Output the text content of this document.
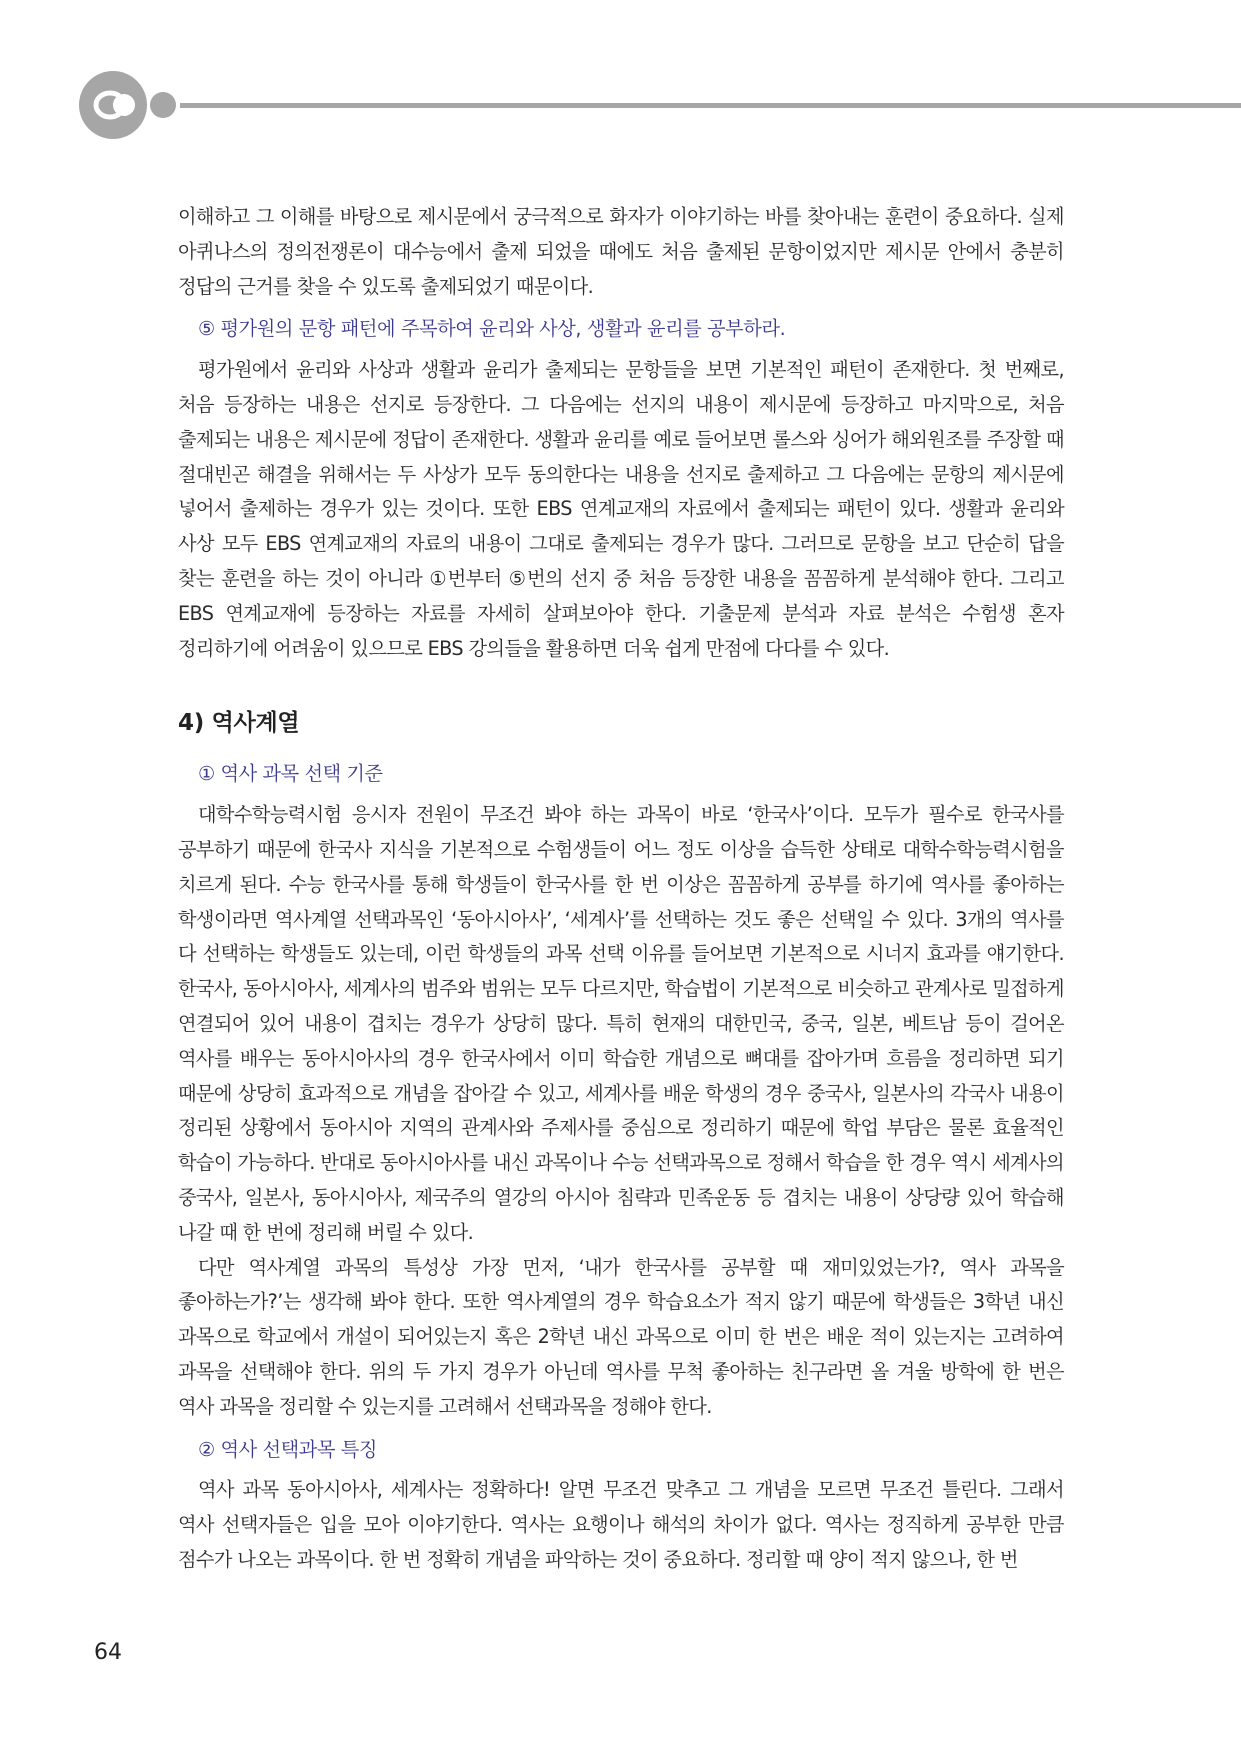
이해하고 그 이해를 바탕으로 제시문에서 궁극적으로 화자가 이야기하는 바를 찾아내는 훈련이 중요하다. 실제 아퀴나스의 정의전쟁론이 대수능에서 출제 되었을 때에도 처음 출제된 문항이었지만 제시문 안에서 충분히 정답의 근거를 찾을 수 있도록 출제되었기 때문이다.

⑤ 평가원의 문항 패턴에 주목하여 윤리와 사상, 생활과 윤리를 공부하라.

평가원에서 윤리와 사상과 생활과 윤리가 출제되는 문항들을 보면 기본적인 패턴이 존재한다. 첫 번째로, 처음 등장하는 내용은 선지로 등장한다. 그 다음에는 선지의 내용이 제시문에 등장하고 마지막으로, 처음 출제되는 내용은 제시문에 정답이 존재한다. 생활과 윤리를 예로 들어보면 롤스와 싱어가 해외원조를 주장할 때 절대빈곤 해결을 위해서는 두 사상가 모두 동의한다는 내용을 선지로 출제하고 그 다음에는 문항의 제시문에 넣어서 출제하는 경우가 있는 것이다. 또한 EBS 연계교재의 자료에서 출제되는 패턴이 있다. 생활과 윤리와 사상 모두 EBS 연계교재의 자료의 내용이 그대로 출제되는 경우가 많다. 그러므로 문항을 보고 단순히 답을 찾는 훈련을 하는 것이 아니라 ①번부터 ⑤번의 선지 중 처음 등장한 내용을 꼼꼼하게 분석해야 한다. 그리고 EBS 연계교재에 등장하는 자료를 자세히 살펴보아야 한다. 기출문제 분석과 자료 분석은 수험생 혼자 정리하기에 어려움이 있으므로 EBS 강의들을 활용하면 더욱 쉽게 만점에 다다를 수 있다.

4) 역사계열
① 역사 과목 선택 기준

대학수학능력시험 응시자 전원이 무조건 봐야 하는 과목이 바로 ‘한국사’이다. 모두가 필수로 한국사를 공부하기 때문에 한국사 지식을 기본적으로 수험생들이 어느 정도 이상을 습득한 상태로 대학수학능력시험을 치르게 된다. 수능 한국사를 통해 학생들이 한국사를 한 번 이상은 꼼꼼하게 공부를 하기에 역사를 좋아하는 학생이라면 역사계열 선택과목인 ‘동아시아사’, ‘세계사’를 선택하는 것도 좋은 선택일 수 있다. 3개의 역사를 다 선택하는 학생들도 있는데, 이런 학생들의 과목 선택 이유를 들어보면 기본적으로 시너지 효과를 얘기한다. 한국사, 동아시아사, 세계사의 범주와 범위는 모두 다르지만, 학습법이 기본적으로 비슷하고 관계사로 밀접하게 연결되어 있어 내용이 겹치는 경우가 상당히 많다. 특히 현재의 대한민국, 중국, 일본, 베트남 등이 걸어온 역사를 배우는 동아시아사의 경우 한국사에서 이미 학습한 개념으로 뼈대를 잡아가며 흐름을 정리하면 되기 때문에 상당히 효과적으로 개념을 잡아갈 수 있고, 세계사를 배운 학생의 경우 중국사, 일본사의 각국사 내용이 정리된 상황에서 동아시아 지역의 관계사와 주제사를 중심으로 정리하기 때문에 학업 부담은 물론 효율적인 학습이 가능하다. 반대로 동아시아사를 내신 과목이나 수능 선택과목으로 정해서 학습을 한 경우 역시 세계사의 중국사, 일본사, 동아시아사, 제국주의 열강의 아시아 침략과 민족운동 등 겹치는 내용이 상당량 있어 학습해 나갈 때 한 번에 정리해 버릴 수 있다.

다만 역사계열 과목의 특성상 가장 먼저, ‘내가 한국사를 공부할 때 재미있었는가?, 역사 과목을 좋아하는가?’는 생각해 봐야 한다. 또한 역사계열의 경우 학습요소가 적지 않기 때문에 학생들은 3학년 내신 과목으로 학교에서 개설이 되어있는지 혹은 2학년 내신 과목으로 이미 한 번은 배운 적이 있는지는 고려하여 과목을 선택해야 한다. 위의 두 가지 경우가 아닌데 역사를 무척 좋아하는 친구라면 올 겨울 방학에 한 번은 역사 과목을 정리할 수 있는지를 고려해서 선택과목을 정해야 한다.

② 역사 선택과목 특징

역사 과목 동아시아사, 세계사는 정확하다! 알면 무조건 맞추고 그 개념을 모르면 무조건 틀린다. 그래서 역사 선택자들은 입을 모아 이야기한다. 역사는 요행이나 해석의 차이가 없다. 역사는 정직하게 공부한 만큼 점수가 나오는 과목이다. 한 번 정확히 개념을 파악하는 것이 중요하다. 정리할 때 양이 적지 않으나, 한 번

64
